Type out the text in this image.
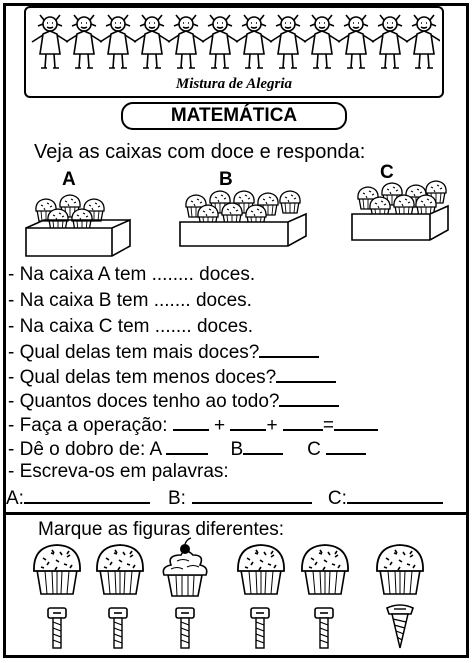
Mistura de Alegria
MATEMÁTICA
Veja as caixas com doce e responda:
A	B	C
- Na caixa A tem ........ doces.
- Na caixa B tem ....... doces.
- Na caixa C tem ....... doces.
- Qual delas tem mais doces?
- Qual delas tem menos doces?
- Quantos doces tenho ao todo?
- Faça a operação: + + =
- Dê o dobro de: A	B	C
- Escreva-os em palavras:
A:	B:	C:
Marque as figuras diferentes:
